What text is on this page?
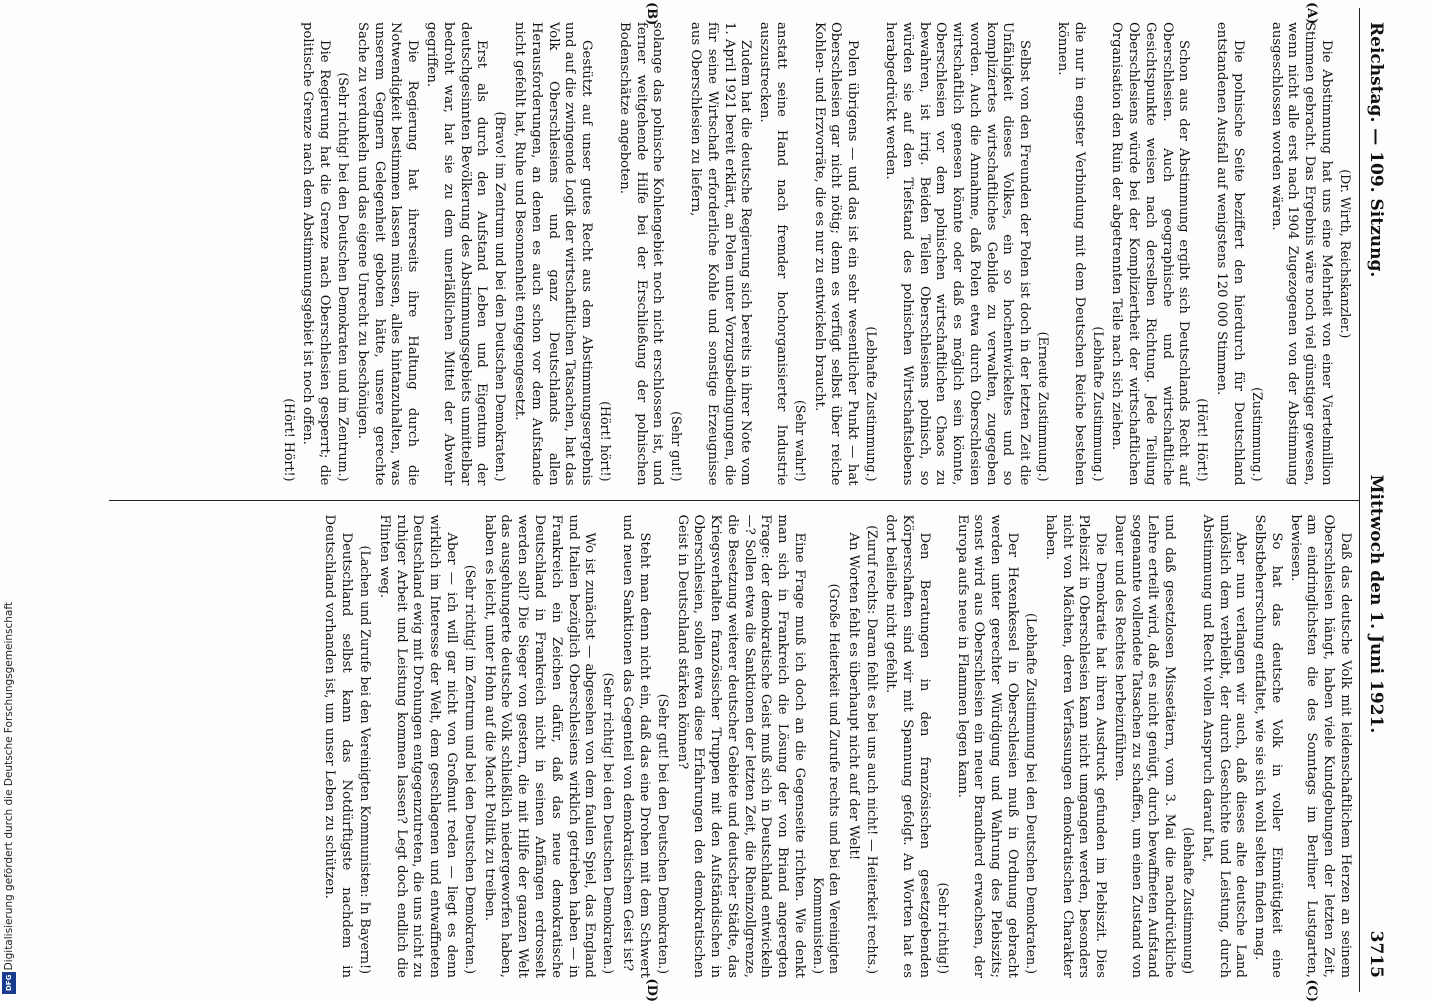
Digitalisierung gefördert durch die Deutsche Forschungsgemeinschaft
DFG
Reichstag. — 109. Sitzung.
Mittwoch den 1. Juni 1921.
3715
(A)
(B)
(C)
(D)
(Dr. Wirth, Reichskanzler.)

Die Abstimmung hat uns eine Mehrheit von einer Viertelmillion Stimmen gebracht. Das Ergebnis wäre noch viel günstiger gewesen, wenn nicht alle erst nach 1904 Zugezogenen von der Abstimmung ausgeschlossen worden wären.

(Zustimmung.)

Die polnische Seite beziffert den hierdurch für Deutschland entstandenen Ausfall auf wenigstens 120 000 Stimmen.

(Hört! Hört!)

Schon aus der Abstimmung ergibt sich Deutschlands Recht auf Oberschlesien. Auch geographische und wirtschaftliche Gesichtspunkte weisen nach derselben Richtung. Jede Teilung Oberschlesiens würde bei der Kompliziertheit der wirtschaftlichen Organisation den Ruin der abgetrennten Teile nach sich ziehen.

(Lebhafte Zustimmung.)

die nur in engster Verbindung mit dem Deutschen Reiche bestehen können.

(Erneute Zustimmung.)

Selbst von den Freunden der Polen ist doch in der letzten Zeit die Unfähigkeit dieses Volkes, ein so hochentwickeltes und so kompliziertes wirtschaftliches Gebilde zu verwalten, zugegeben worden. Auch die Annahme, daß Polen etwa durch Oberschlesien wirtschaftlich genesen könnte oder daß es möglich sein könnte, Oberschlesien vor dem polnischen wirtschaftlichen Chaos zu bewahren, ist irrig. Beiden Teilen Oberschlesiens polnisch, so würden sie auf den Tiefstand des polnischen Wirtschaftslebens herabgedrückt werden.

(Lebhafte Zustimmung.)

Polen übrigens — und das ist ein sehr wesentlicher Punkt — hat Oberschlesien gar nicht nötig; denn es verfügt selbst über reiche Kohlen- und Erzvorräte, die es nur zu entwickeln braucht.

(Sehr wahr!)

anstatt seine Hand nach fremder hochorganisierter Industrie auszustrecken.

Zudem hat die deutsche Regierung sich bereits in ihrer Note vom 1. April 1921 bereit erklärt, an Polen unter Vorzugsbedingungen, die für seine Wirtschaft erforderliche Kohle und sonstige Erzeugnisse aus Oberschlesien zu liefern,

(Sehr gut!)

solange das polnische Kohlengebiet noch nicht erschlossen ist, und ferner weitgehende Hilfe bei der Erschließung der polnischen Bodenschätze angeboten.

(Hört! hört!)

Gestützt auf unser gutes Recht aus dem Abstimmungsergebnis und auf die zwingende Logik der wirtschaftlichen Tatsachen, hat das Volk Oberschlesiens und ganz Deutschlands allen Herausforderungen, an denen es auch schon vor dem Aufstande nicht gefehlt hat, Ruhe und Besonnenheit entgegengesetzt.

(Bravo! im Zentrum und bei den Deutschen Demokraten.)

Erst als durch den Aufstand Leben und Eigentum der deutschgesinnten Bevölkerung des Abstimmungsgebiets unmittelbar bedroht war, hat sie zu dem unerläßlichen Mittel der Abwehr gegriffen.

Die Regierung hat ihrerseits ihre Haltung durch die Notwendigkeit bestimmen lassen müssen, alles hintanzuhalten, was unserem Gegnern Gelegenheit geboten hätte, unsere gerechte Sache zu verdunkeln und das eigene Unrecht zu beschönigen.

(Sehr richtig! bei den Deutschen Demokraten und im Zentrum.)

Die Regierung hat die Grenze nach Oberschlesien gesperrt; die politische Grenze nach dem Abstimmungsgebiet ist noch offen.

(Hört! Hört!)

Daß das deutsche Volk mit leidenschaftlichem Herzen an seinem Oberschlesien hängt, haben viele Kundgebungen der letzten Zeit, am eindringlichsten die des Sonntags im Berliner Lustgarten, bewiesen.

So hat das deutsche Volk in voller Einmütigkeit eine Selbstbeherrschung entfaltet, wie sie sich wohl selten finden mag.

Aber nun verlangen wir auch, daß dieses alte deutsche Land unlöslich dem verbleibt, der durch Geschichte und Leistung, durch Abstimmung und Recht vollen Anspruch darauf hat,

(lebhafte Zustimmung)

und daß gesetzlosen Missetätern, vom 3. Mai die nachdrückliche Lehre erteilt wird, daß es nicht genügt, durch bewaffneten Aufstand sogenannte vollendete Tatsachen zu schaffen, um einen Zustand von Dauer und des Rechtes herbeizuführen.

Die Demokratie hat ihren Ausdruck gefunden im Plebiszit. Dies Plebiszit in Oberschlesien kann nicht umgangen werden, besonders nicht von Mächten, deren Verfassungen demokratischen Charakter haben.

(Lebhafte Zustimmung bei den Deutschen Demokraten.)

Der Hexenkessel in Oberschlesien muß in Ordnung gebracht werden unter gerechter Würdigung und Wahrung des Plebiszits; sonst wird aus Oberschlesien ein neuer Brandherd erwachsen, der Europa aufs neue in Flammen legen kann.

(Sehr richtig!)

Den Beratungen in den französischen gesetzgebenden Körperschaften sind wir mit Spannung gefolgt. An Worten hat es dort beileibe nicht gefehlt.

(Zuruf rechts: Daran fehlt es bei uns auch nicht! — Heiterkeit rechts.)

An Worten fehlt es überhaupt nicht auf der Welt!

(Große Heiterkeit und Zurufe rechts und bei den Vereinigten Kommunisten.)

Eine Frage muß ich doch an die Gegenseite richten. Wie denkt man sich in Frankreich die Lösung der von Briand angeregten Frage: der demokratische Geist muß sich in Deutschland entwickeln —? Sollen etwa die Sanktionen der letzten Zeit, die Rheinzollgrenze, die Besetzung weiterer deutscher Gebiete und deutscher Städte, das Kriegsverhalten französischer Truppen mit den Aufständischen in Oberschlesien, sollen etwa diese Erfahrungen den demokratischen Geist in Deutschland stärken können?

(Sehr gut! bei den Deutschen Demokraten.)

Steht man denn nicht ein, daß das eine Drohen mit dem Schwert und neuen Sanktionen das Gegenteil von demokratischem Geist ist?

(Sehr richtig! bei den Deutschen Demokraten.)

Wo ist zunächst — abgesehen von dem faulen Spiel, das England und Italien bezüglich Oberschlesiens wirklich getrieben haben — in Frankreich ein Zeichen dafür, daß das neue demokratische Deutschland in Frankreich nicht in seinen Anfängen erdrosselt werden soll? Die Sieger von gestern, die mit Hilfe der ganzen Welt das ausgehungerte deutsche Volk schließlich niedergeworfen haben, haben es leicht, unter Hohn auf die Macht Politik zu treiben.

(Sehr richtig! im Zentrum und bei den Deutschen Demokraten.)

Aber — ich will gar nicht von Großmut reden — liegt es denn wirklich im Interesse der Welt, dem geschlagenen und entwaffneten Deutschland ewig mit Drohungen entgegenzutreten, die uns nicht zu ruhiger Arbeit und Leistung kommen lassen? Legt doch endlich die Flinten weg.

(Lachen und Zurufe bei den Vereinigten Kommunisten: In Bayern!)

Deutschland selbst kann das Notdürftigste nachdem in Deutschland vorhanden ist, um unser Leben zu schützen.
